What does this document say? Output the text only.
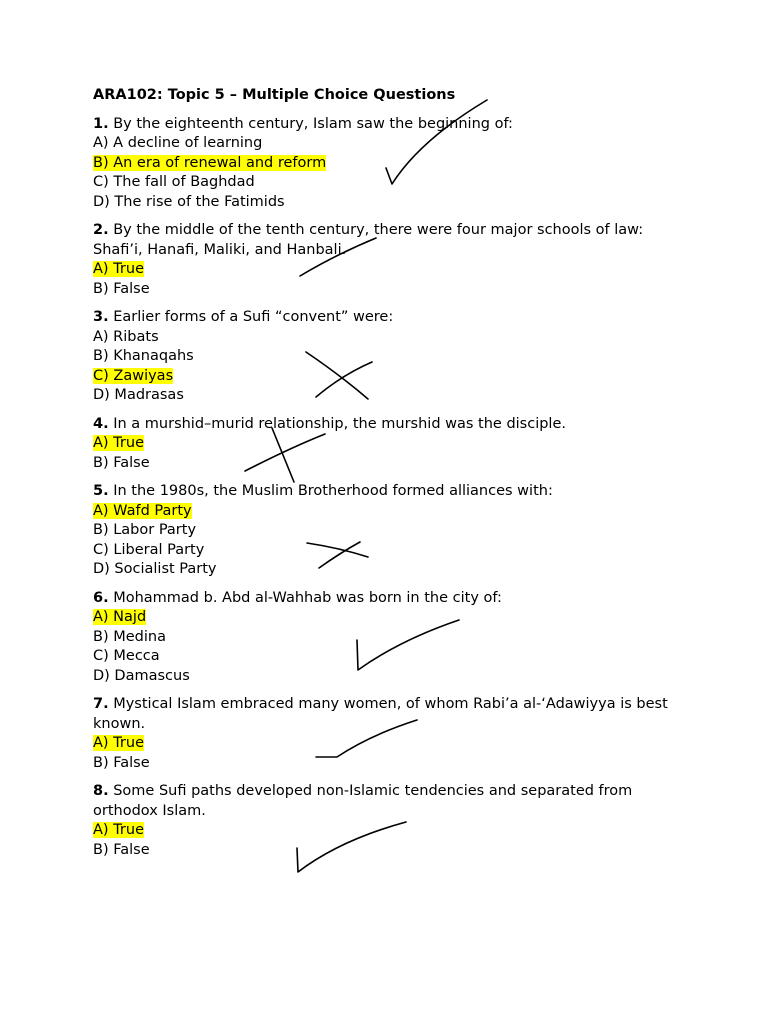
ARA102: Topic 5 – Multiple Choice Questions
1. By the eighteenth century, Islam saw the beginning of:
A) A decline of learning
B) An era of renewal and reform
C) The fall of Baghdad
D) The rise of the Fatimids
2. By the middle of the tenth century, there were four major schools of law: Shafi’i, Hanafi, Maliki, and Hanbali.
A) True
B) False
3. Earlier forms of a Sufi “convent” were:
A) Ribats
B) Khanaqahs
C) Zawiyas
D) Madrasas
4. In a murshid–murid relationship, the murshid was the disciple.
A) True
B) False
5. In the 1980s, the Muslim Brotherhood formed alliances with:
A) Wafd Party
B) Labor Party
C) Liberal Party
D) Socialist Party
6. Mohammad b. Abd al-Wahhab was born in the city of:
A) Najd
B) Medina
C) Mecca
D) Damascus
7. Mystical Islam embraced many women, of whom Rabi’a al-‘Adawiyya is best known.
A) True
B) False
8. Some Sufi paths developed non-Islamic tendencies and separated from orthodox Islam.
A) True
B) False
